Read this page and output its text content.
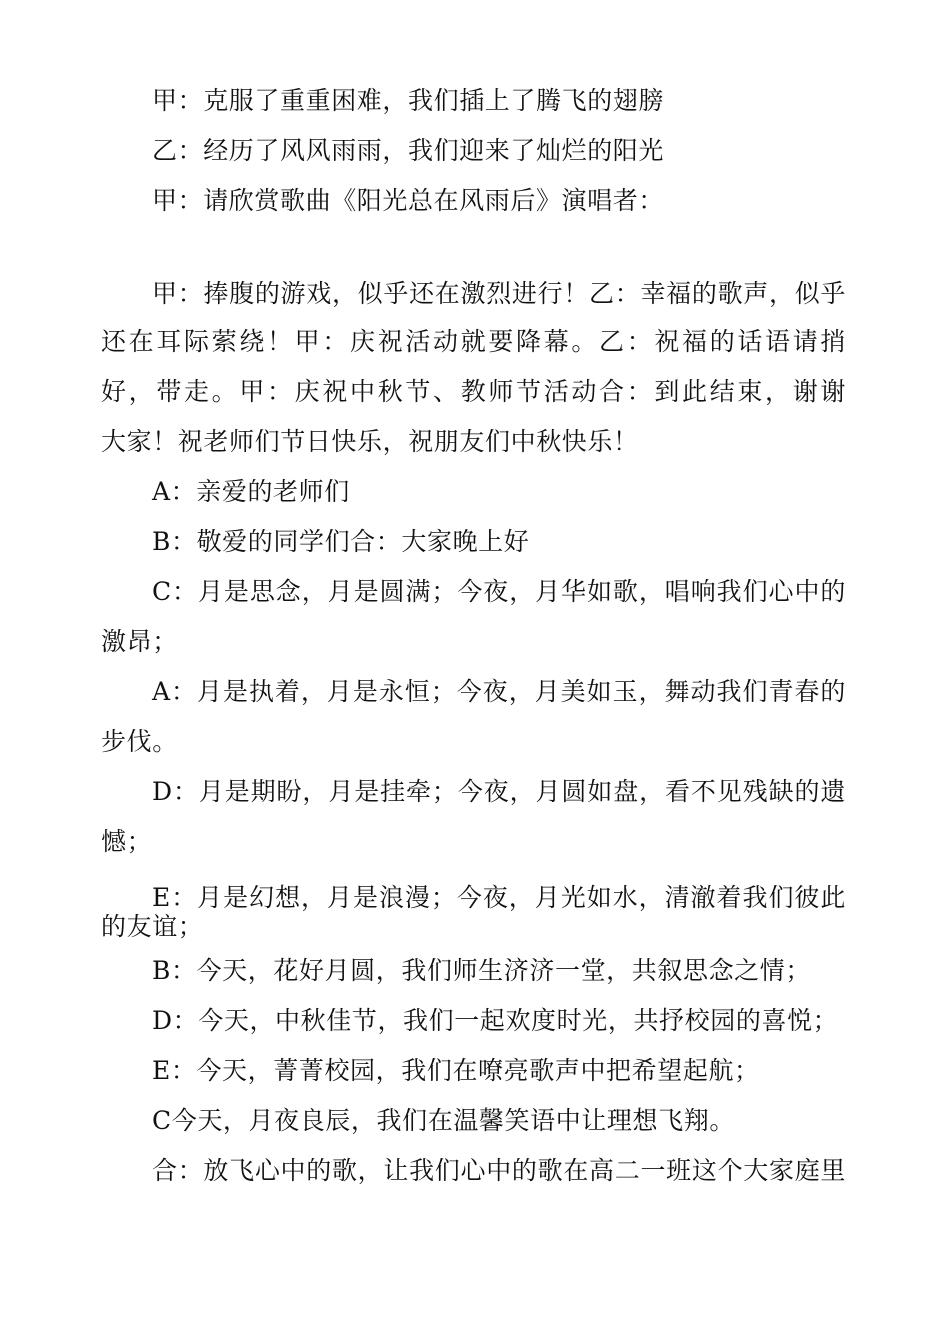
甲：克服了重重困难，我们插上了腾飞的翅膀
乙：经历了风风雨雨，我们迎来了灿烂的阳光
甲：请欣赏歌曲《阳光总在风雨后》演唱者：
甲：捧腹的游戏，似乎还在激烈进行！乙：幸福的歌声，似乎
还在耳际萦绕！甲：庆祝活动就要降幕。乙：祝福的话语请捎
好，带走。甲：庆祝中秋节、教师节活动合：到此结束，谢谢
大家！祝老师们节日快乐，祝朋友们中秋快乐！
A：亲爱的老师们
B：敬爱的同学们合：大家晚上好
C：月是思念，月是圆满；今夜，月华如歌，唱响我们心中的
激昂；
A：月是执着，月是永恒；今夜，月美如玉，舞动我们青春的
步伐。
D：月是期盼，月是挂牵；今夜，月圆如盘，看不见残缺的遗
憾；
E：月是幻想，月是浪漫；今夜，月光如水，清澈着我们彼此
的友谊；
B：今天，花好月圆，我们师生济济一堂，共叙思念之情；
D：今天，中秋佳节，我们一起欢度时光，共抒校园的喜悦；
E：今天，菁菁校园，我们在嘹亮歌声中把希望起航；
C今天，月夜良辰，我们在温馨笑语中让理想飞翔。
合：放飞心中的歌，让我们心中的歌在高二一班这个大家庭里
